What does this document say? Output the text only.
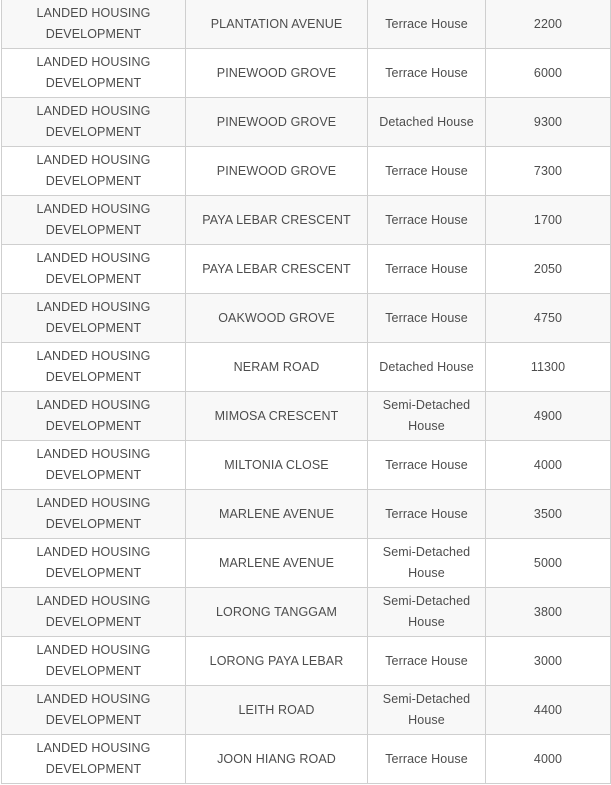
LANDED HOUSING DEVELOPMENT	PLANTATION AVENUE	Terrace House	2200
LANDED HOUSING DEVELOPMENT	PINEWOOD GROVE	Terrace House	6000
LANDED HOUSING DEVELOPMENT	PINEWOOD GROVE	Detached House	9300
LANDED HOUSING DEVELOPMENT	PINEWOOD GROVE	Terrace House	7300
LANDED HOUSING DEVELOPMENT	PAYA LEBAR CRESCENT	Terrace House	1700
LANDED HOUSING DEVELOPMENT	PAYA LEBAR CRESCENT	Terrace House	2050
LANDED HOUSING DEVELOPMENT	OAKWOOD GROVE	Terrace House	4750
LANDED HOUSING DEVELOPMENT	NERAM ROAD	Detached House	11300
LANDED HOUSING DEVELOPMENT	MIMOSA CRESCENT	Semi-Detached House	4900
LANDED HOUSING DEVELOPMENT	MILTONIA CLOSE	Terrace House	4000
LANDED HOUSING DEVELOPMENT	MARLENE AVENUE	Terrace House	3500
LANDED HOUSING DEVELOPMENT	MARLENE AVENUE	Semi-Detached House	5000
LANDED HOUSING DEVELOPMENT	LORONG TANGGAM	Semi-Detached House	3800
LANDED HOUSING DEVELOPMENT	LORONG PAYA LEBAR	Terrace House	3000
LANDED HOUSING DEVELOPMENT	LEITH ROAD	Semi-Detached House	4400
LANDED HOUSING DEVELOPMENT	JOON HIANG ROAD	Terrace House	4000
